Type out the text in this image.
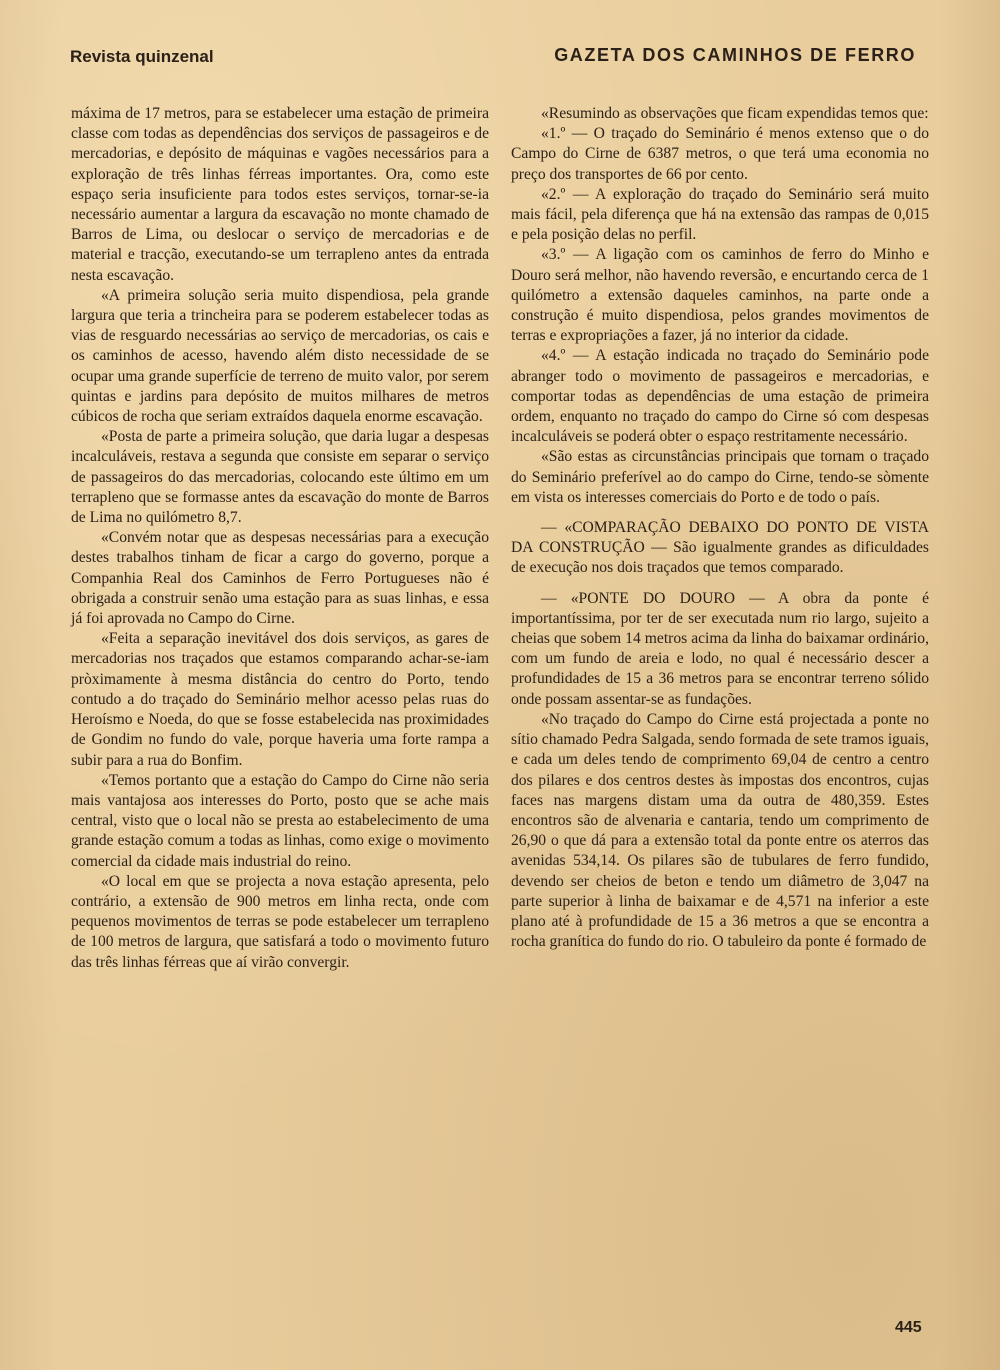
Revista quinzenal	GAZETA DOS CAMINHOS DE FERRO

máxima de 17 metros, para se estabelecer uma estação de primeira classe com todas as dependências dos serviços de passageiros e de mercadorias, e depósito de máquinas e vagões necessários para a exploração de três linhas férreas importantes. Ora, como este espaço seria insuficiente para todos estes serviços, tornar-se-ia necessário aumentar a largura da escavação no monte chamado de Barros de Lima, ou deslocar o serviço de mercadorias e de material e tracção, executando-se um terrapleno antes da entrada nesta escavação.

«A primeira solução seria muito dispendiosa, pela grande largura que teria a trincheira para se poderem estabelecer todas as vias de resguardo necessárias ao serviço de mercadorias, os cais e os caminhos de acesso, havendo além disto necessidade de se ocupar uma grande superfície de terreno de muito valor, por serem quintas e jardins para depósito de muitos milhares de metros cúbicos de rocha que seriam extraídos daquela enorme escavação.

«Posta de parte a primeira solução, que daria lugar a despesas incalculáveis, restava a segunda que consiste em separar o serviço de passageiros do das mercadorias, colocando este último em um terrapleno que se formasse antes da escavação do monte de Barros de Lima no quilómetro 8,7.

«Convém notar que as despesas necessárias para a execução destes trabalhos tinham de ficar a cargo do governo, porque a Companhia Real dos Caminhos de Ferro Portugueses não é obrigada a construir senão uma estação para as suas linhas, e essa já foi aprovada no Campo do Cirne.

«Feita a separação inevitável dos dois serviços, as gares de mercadorias nos traçados que estamos comparando achar-se-iam pròximamente à mesma distância do centro do Porto, tendo contudo a do traçado do Seminário melhor acesso pelas ruas do Heroísmo e Noeda, do que se fosse estabelecida nas proximidades de Gondim no fundo do vale, porque haveria uma forte rampa a subir para a rua do Bonfim.

«Temos portanto que a estação do Campo do Cirne não seria mais vantajosa aos interesses do Porto, posto que se ache mais central, visto que o local não se presta ao estabelecimento de uma grande estação comum a todas as linhas, como exige o movimento comercial da cidade mais industrial do reino.

«O local em que se projecta a nova estação apresenta, pelo contrário, a extensão de 900 metros em linha recta, onde com pequenos movimentos de terras se pode estabelecer um terrapleno de 100 metros de largura, que satisfará a todo o movimento futuro das três linhas férreas que aí virão convergir.

«Resumindo as observações que ficam expendidas temos que:

«1.º — O traçado do Seminário é menos extenso que o do Campo do Cirne de 6387 metros, o que terá uma economia no preço dos transportes de 66 por cento.

«2.º — A exploração do traçado do Seminário será muito mais fácil, pela diferença que há na extensão das rampas de 0,015 e pela posição delas no perfil.

«3.º — A ligação com os caminhos de ferro do Minho e Douro será melhor, não havendo reversão, e encurtando cerca de 1 quilómetro a extensão daqueles caminhos, na parte onde a construção é muito dispendiosa, pelos grandes movimentos de terras e expropriações a fazer, já no interior da cidade.

«4.º — A estação indicada no traçado do Seminário pode abranger todo o movimento de passageiros e mercadorias, e comportar todas as dependências de uma estação de primeira ordem, enquanto no traçado do campo do Cirne só com despesas incalculáveis se poderá obter o espaço restritamente necessário.

«São estas as circunstâncias principais que tornam o traçado do Seminário preferível ao do campo do Cirne, tendo-se sòmente em vista os interesses comerciais do Porto e de todo o país.

— «COMPARAÇÃO DEBAIXO DO PONTO DE VISTA DA CONSTRUÇÃO — São igualmente grandes as dificuldades de execução nos dois traçados que temos comparado.

— «PONTE DO DOURO — A obra da ponte é importantíssima, por ter de ser executada num rio largo, sujeito a cheias que sobem 14 metros acima da linha do baixamar ordinário, com um fundo de areia e lodo, no qual é necessário descer a profundidades de 15 a 36 metros para se encontrar terreno sólido onde possam assentar-se as fundações.

«No traçado do Campo do Cirne está projectada a ponte no sítio chamado Pedra Salgada, sendo formada de sete tramos iguais, e cada um deles tendo de comprimento 69,04 de centro a centro dos pilares e dos centros destes às impostas dos encontros, cujas faces nas margens distam uma da outra de 480,359. Estes encontros são de alvenaria e cantaria, tendo um comprimento de 26,90 o que dá para a extensão total da ponte entre os aterros das avenidas 534,14. Os pilares são de tubulares de ferro fundido, devendo ser cheios de beton e tendo um diâmetro de 3,047 na parte superior à linha de baixamar e de 4,571 na inferior a este plano até à profundidade de 15 a 36 metros a que se encontra a rocha granítica do fundo do rio. O tabuleiro da ponte é formado de

445
